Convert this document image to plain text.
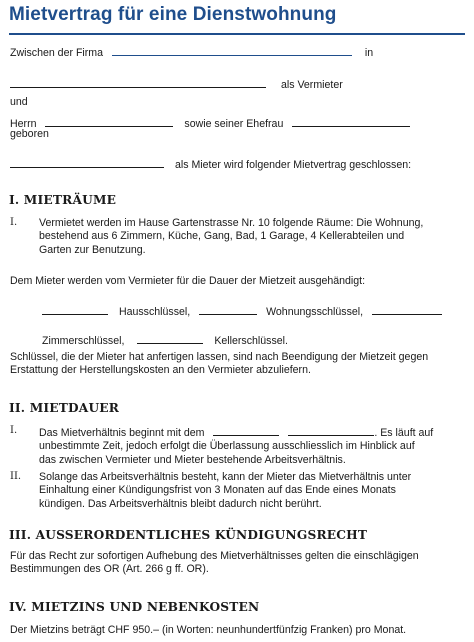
Mietvertrag für eine Dienstwohnung
Zwischen der Firma	in
als Vermieter
und
Herrn	sowie seiner Ehefrau
geboren
als Mieter wird folgender Mietvertrag geschlossen:
I. MIETRÄUME
I. Vermietet werden im Hause Gartenstrasse Nr. 10 folgende Räume: Die Wohnung,
bestehend aus 6 Zimmern, Küche, Gang, Bad, 1 Garage, 4 Kellerabteilen und
Garten zur Benutzung.
Dem Mieter werden vom Vermieter für die Dauer der Mietzeit ausgehändigt:
Hausschlüssel,	Wohnungsschlüssel,
Zimmerschlüssel,	Kellerschlüssel.
Schlüssel, die der Mieter hat anfertigen lassen, sind nach Beendigung der Mietzeit gegen
Erstattung der Herstellungskosten an den Vermieter abzuliefern.
II. MIETDAUER
I. Das Mietverhältnis beginnt mit dem	. Es läuft auf
unbestimmte Zeit, jedoch erfolgt die Überlassung ausschliesslich im Hinblick auf
das zwischen Vermieter und Mieter bestehende Arbeitsverhältnis.
II. Solange das Arbeitsverhältnis besteht, kann der Mieter das Mietverhältnis unter
Einhaltung einer Kündigungsfrist von 3 Monaten auf das Ende eines Monats
kündigen. Das Arbeitsverhältnis bleibt dadurch nicht berührt.
III. AUSSERORDENTLICHES KÜNDIGUNGSRECHT
Für das Recht zur sofortigen Aufhebung des Mietverhältnisses gelten die einschlägigen
Bestimmungen des OR (Art. 266 g ff. OR).
IV. MIETZINS UND NEBENKOSTEN
Der Mietzins beträgt CHF 950.– (in Worten: neunhundertfünfzig Franken) pro Monat.
